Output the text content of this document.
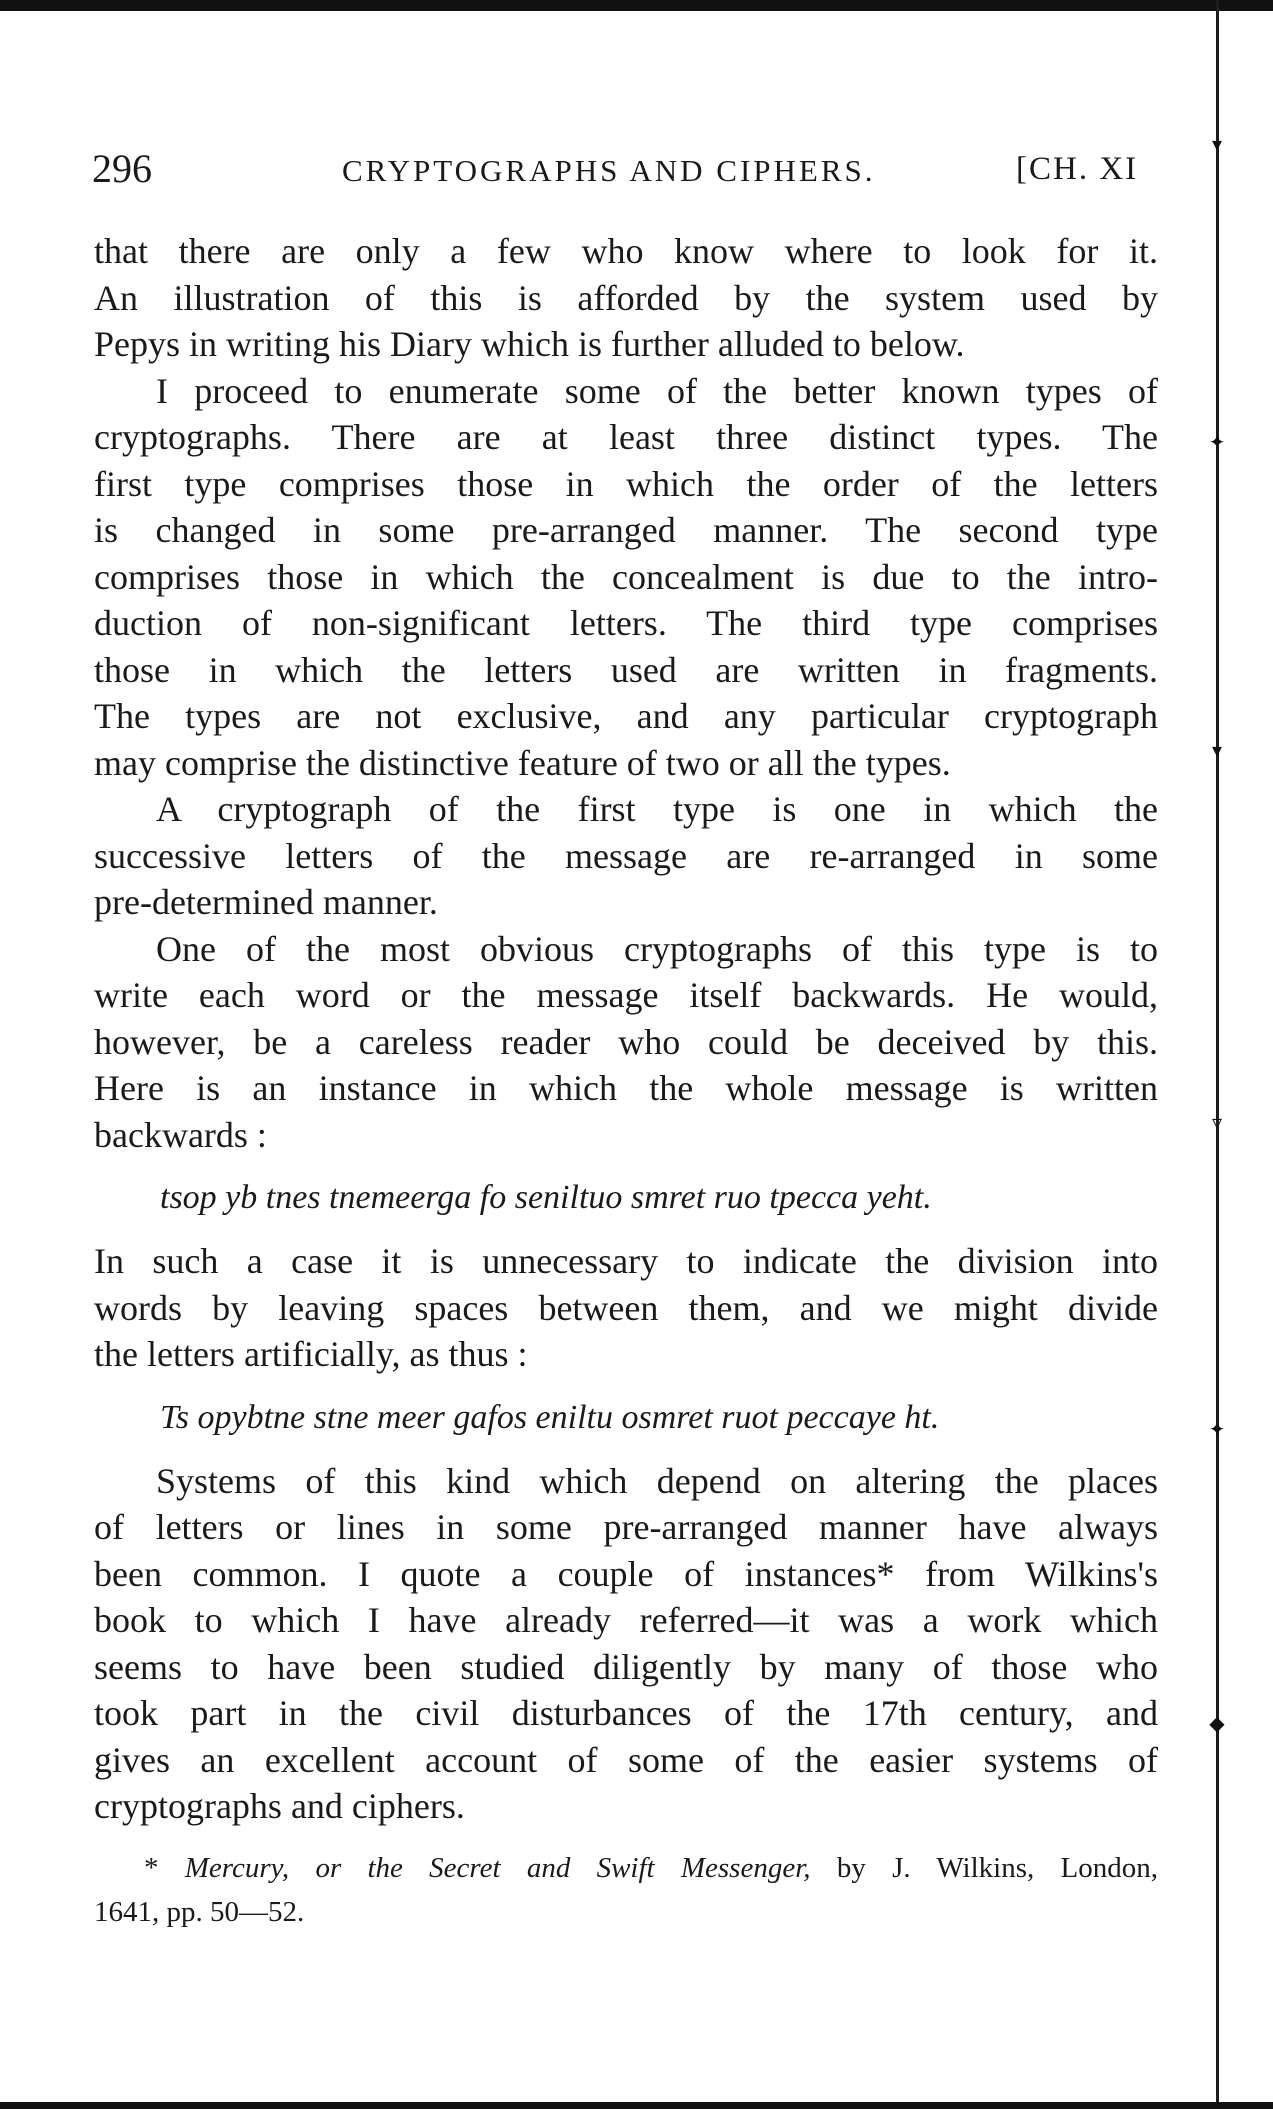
▾
✦
▾
▿
✦
◆
296	CRYPTOGRAPHS AND CIPHERS.	[CH. XI
that there are only a few who know where to look for it.
An illustration of this is afforded by the system used by
Pepys in writing his Diary which is further alluded to below.
I proceed to enumerate some of the better known types of
cryptographs. There are at least three distinct types. The
first type comprises those in which the order of the letters
is changed in some pre-arranged manner. The second type
comprises those in which the concealment is due to the intro-
duction of non-significant letters. The third type comprises
those in which the letters used are written in fragments.
The types are not exclusive, and any particular cryptograph
may comprise the distinctive feature of two or all the types.
A cryptograph of the first type is one in which the
successive letters of the message are re-arranged in some
pre-determined manner.
One of the most obvious cryptographs of this type is to
write each word or the message itself backwards. He would,
however, be a careless reader who could be deceived by this.
Here is an instance in which the whole message is written
backwards :
tsop yb tnes tnemeerga fo seniltuo smret ruo tpecca yeht.
In such a case it is unnecessary to indicate the division into
words by leaving spaces between them, and we might divide
the letters artificially, as thus :
Ts opybtne stne meer gafos eniltu osmret ruot peccaye ht.
Systems of this kind which depend on altering the places
of letters or lines in some pre-arranged manner have always
been common. I quote a couple of instances* from Wilkins's
book to which I have already referred—it was a work which
seems to have been studied diligently by many of those who
took part in the civil disturbances of the 17th century, and
gives an excellent account of some of the easier systems of
cryptographs and ciphers.
* Mercury, or the Secret and Swift Messenger, by J. Wilkins, London,
1641, pp. 50—52.
